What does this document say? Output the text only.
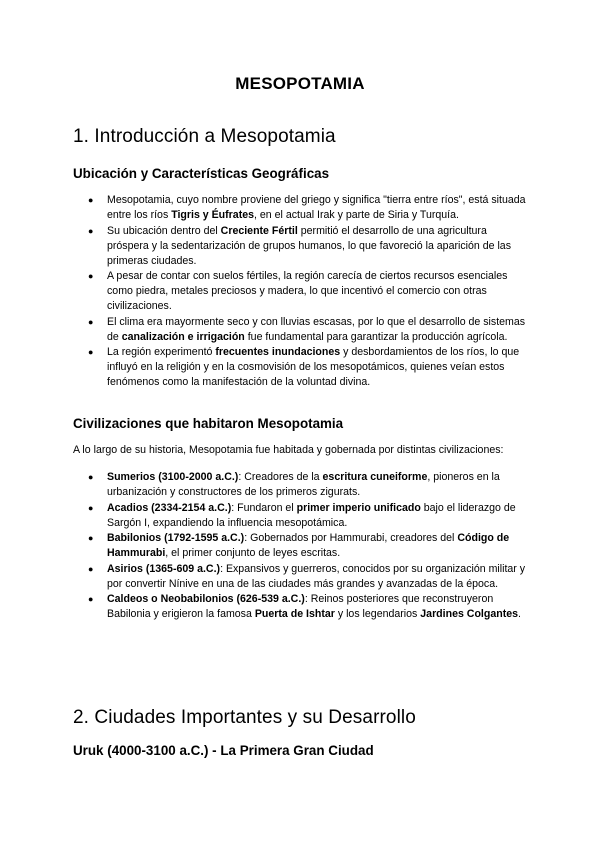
MESOPOTAMIA
1. Introducción a Mesopotamia
Ubicación y Características Geográficas
● Mesopotamia, cuyo nombre proviene del griego y significa "tierra entre ríos", está situada entre los ríos Tigris y Éufrates, en el actual Irak y parte de Siria y Turquía.
● Su ubicación dentro del Creciente Fértil permitió el desarrollo de una agricultura próspera y la sedentarización de grupos humanos, lo que favoreció la aparición de las primeras ciudades.
● A pesar de contar con suelos fértiles, la región carecía de ciertos recursos esenciales como piedra, metales preciosos y madera, lo que incentivó el comercio con otras civilizaciones.
● El clima era mayormente seco y con lluvias escasas, por lo que el desarrollo de sistemas de canalización e irrigación fue fundamental para garantizar la producción agrícola.
● La región experimentó frecuentes inundaciones y desbordamientos de los ríos, lo que influyó en la religión y en la cosmovisión de los mesopotámicos, quienes veían estos fenómenos como la manifestación de la voluntad divina.
Civilizaciones que habitaron Mesopotamia

A lo largo de su historia, Mesopotamia fue habitada y gobernada por distintas civilizaciones:

● Sumerios (3100-2000 a.C.): Creadores de la escritura cuneiforme, pioneros en la urbanización y constructores de los primeros zigurats.
● Acadios (2334-2154 a.C.): Fundaron el primer imperio unificado bajo el liderazgo de Sargón I, expandiendo la influencia mesopotámica.
● Babilonios (1792-1595 a.C.): Gobernados por Hammurabi, creadores del Código de Hammurabi, el primer conjunto de leyes escritas.
● Asirios (1365-609 a.C.): Expansivos y guerreros, conocidos por su organización militar y por convertir Nínive en una de las ciudades más grandes y avanzadas de la época.
● Caldeos o Neobabilonios (626-539 a.C.): Reinos posteriores que reconstruyeron Babilonia y erigieron la famosa Puerta de Ishtar y los legendarios Jardines Colgantes.
2. Ciudades Importantes y su Desarrollo
Uruk (4000-3100 a.C.) - La Primera Gran Ciudad
